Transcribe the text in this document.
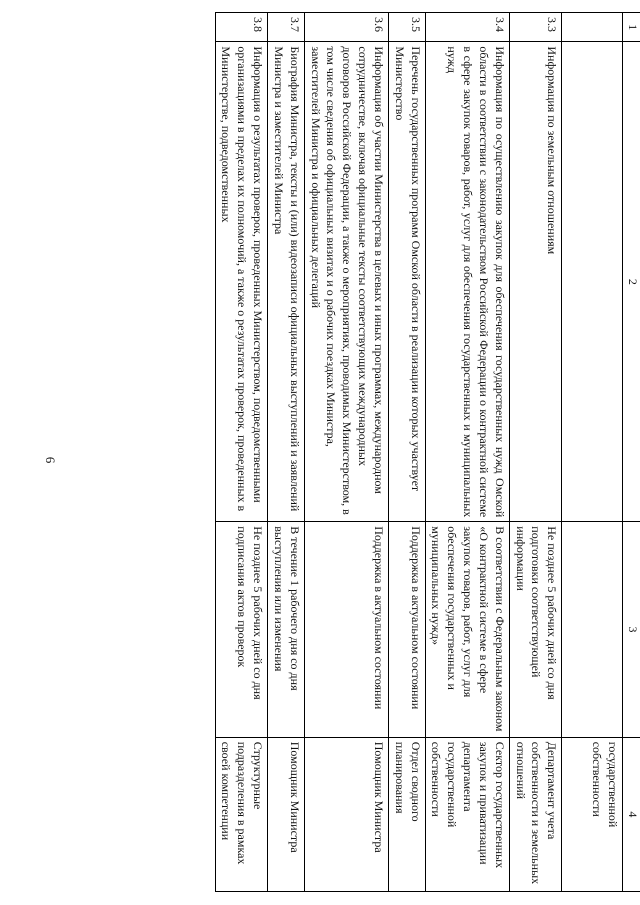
6
1	2	3	4
			государственной собственности
3.3	Информация по земельным отношениям	Не позднее 5 рабочих дней со дня подготовки соответствующей информации	Департамент учета собственности и земельных отношений
3.4	Информация по осуществлению закупок для обеспечения государственных нужд Омской области в соответствии с законодательством Российской Федерации о контрактной системе в сфере закупок товаров, работ, услуг для обеспечения государственных и муниципальных нужд	В соответствии с Федеральным законом «О контрактной системе в сфере закупок товаров, работ, услуг для обеспечения государственных и муниципальных нужд»	Сектор государственных закупок и приватизации департамента государственной собственности
3.5	Перечень государственных программ Омской области в реализации которых участвует Министерство	Поддержка в актуальном состоянии	Отдел сводного планирования
3.6	Информация об участии Министерства в целевых и иных программах, международном сотрудничестве, включая официальные тексты соответствующих международных договоров Российской Федерации, а также о мероприятиях, проводимых Министерством, в том числе сведения об официальных визитах и о рабочих поездках Министра, заместителей Министра и официальных делегаций	Поддержка в актуальном состоянии	Помощник Министра
3.7	Биография Министра, тексты и (или) видеозаписи официальных выступлений и заявлений Министра и заместителей Министра	В течение 1 рабочего дня со дня выступления или изменения	Помощник Министра
3.8	Информация о результатах проверок, проведенных Министерством, подведомственными организациями в пределах их полномочий, а также о результатах проверок, проведенных в Министерстве, подведомственных	Не позднее 5 рабочих дней со дня подписания актов проверок	Структурные подразделения в рамках своей компетенции
